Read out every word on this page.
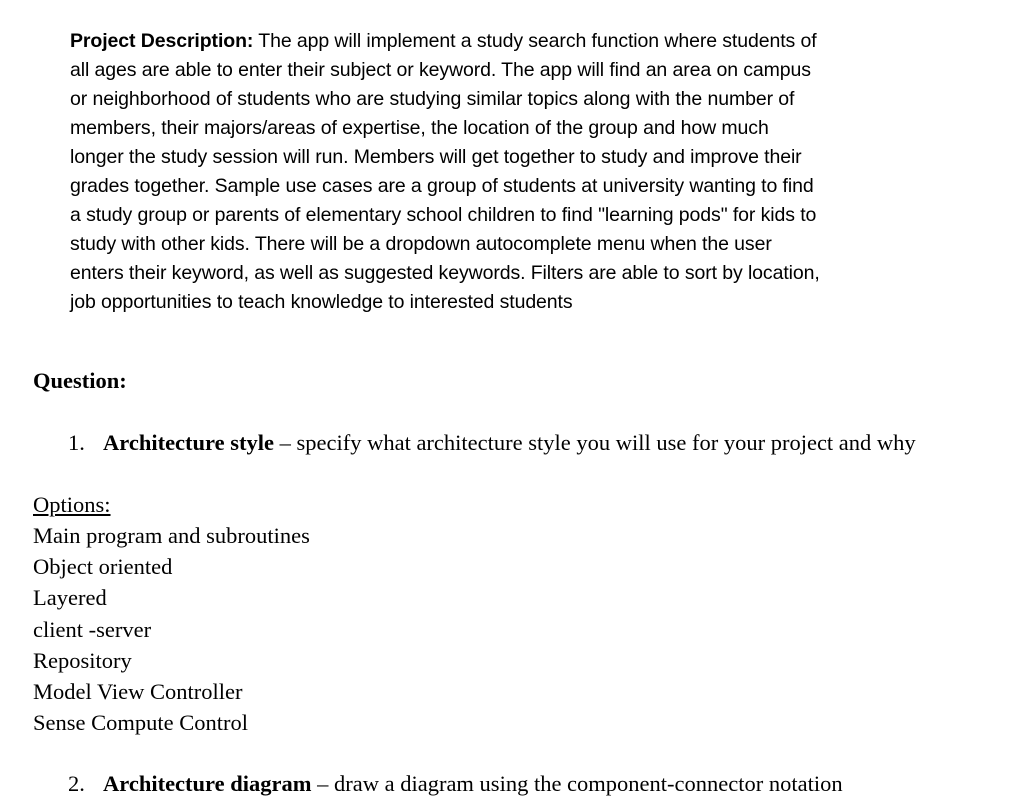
Project Description: The app will implement a study search function where students of
all ages are able to enter their subject or keyword. The app will find an area on campus
or neighborhood of students who are studying similar topics along with the number of
members, their majors/areas of expertise, the location of the group and how much
longer the study session will run. Members will get together to study and improve their
grades together. Sample use cases are a group of students at university wanting to find
a study group or parents of elementary school children to find "learning pods" for kids to
study with other kids. There will be a dropdown autocomplete menu when the user
enters their keyword, as well as suggested keywords. Filters are able to sort by location,
job opportunities to teach knowledge to interested students
Question:
1. Architecture style – specify what architecture style you will use for your project and why
Options:
Main program and subroutines
Object oriented
Layered
client -server
Repository
Model View Controller
Sense Compute Control
2. Architecture diagram – draw a diagram using the component-connector notation
